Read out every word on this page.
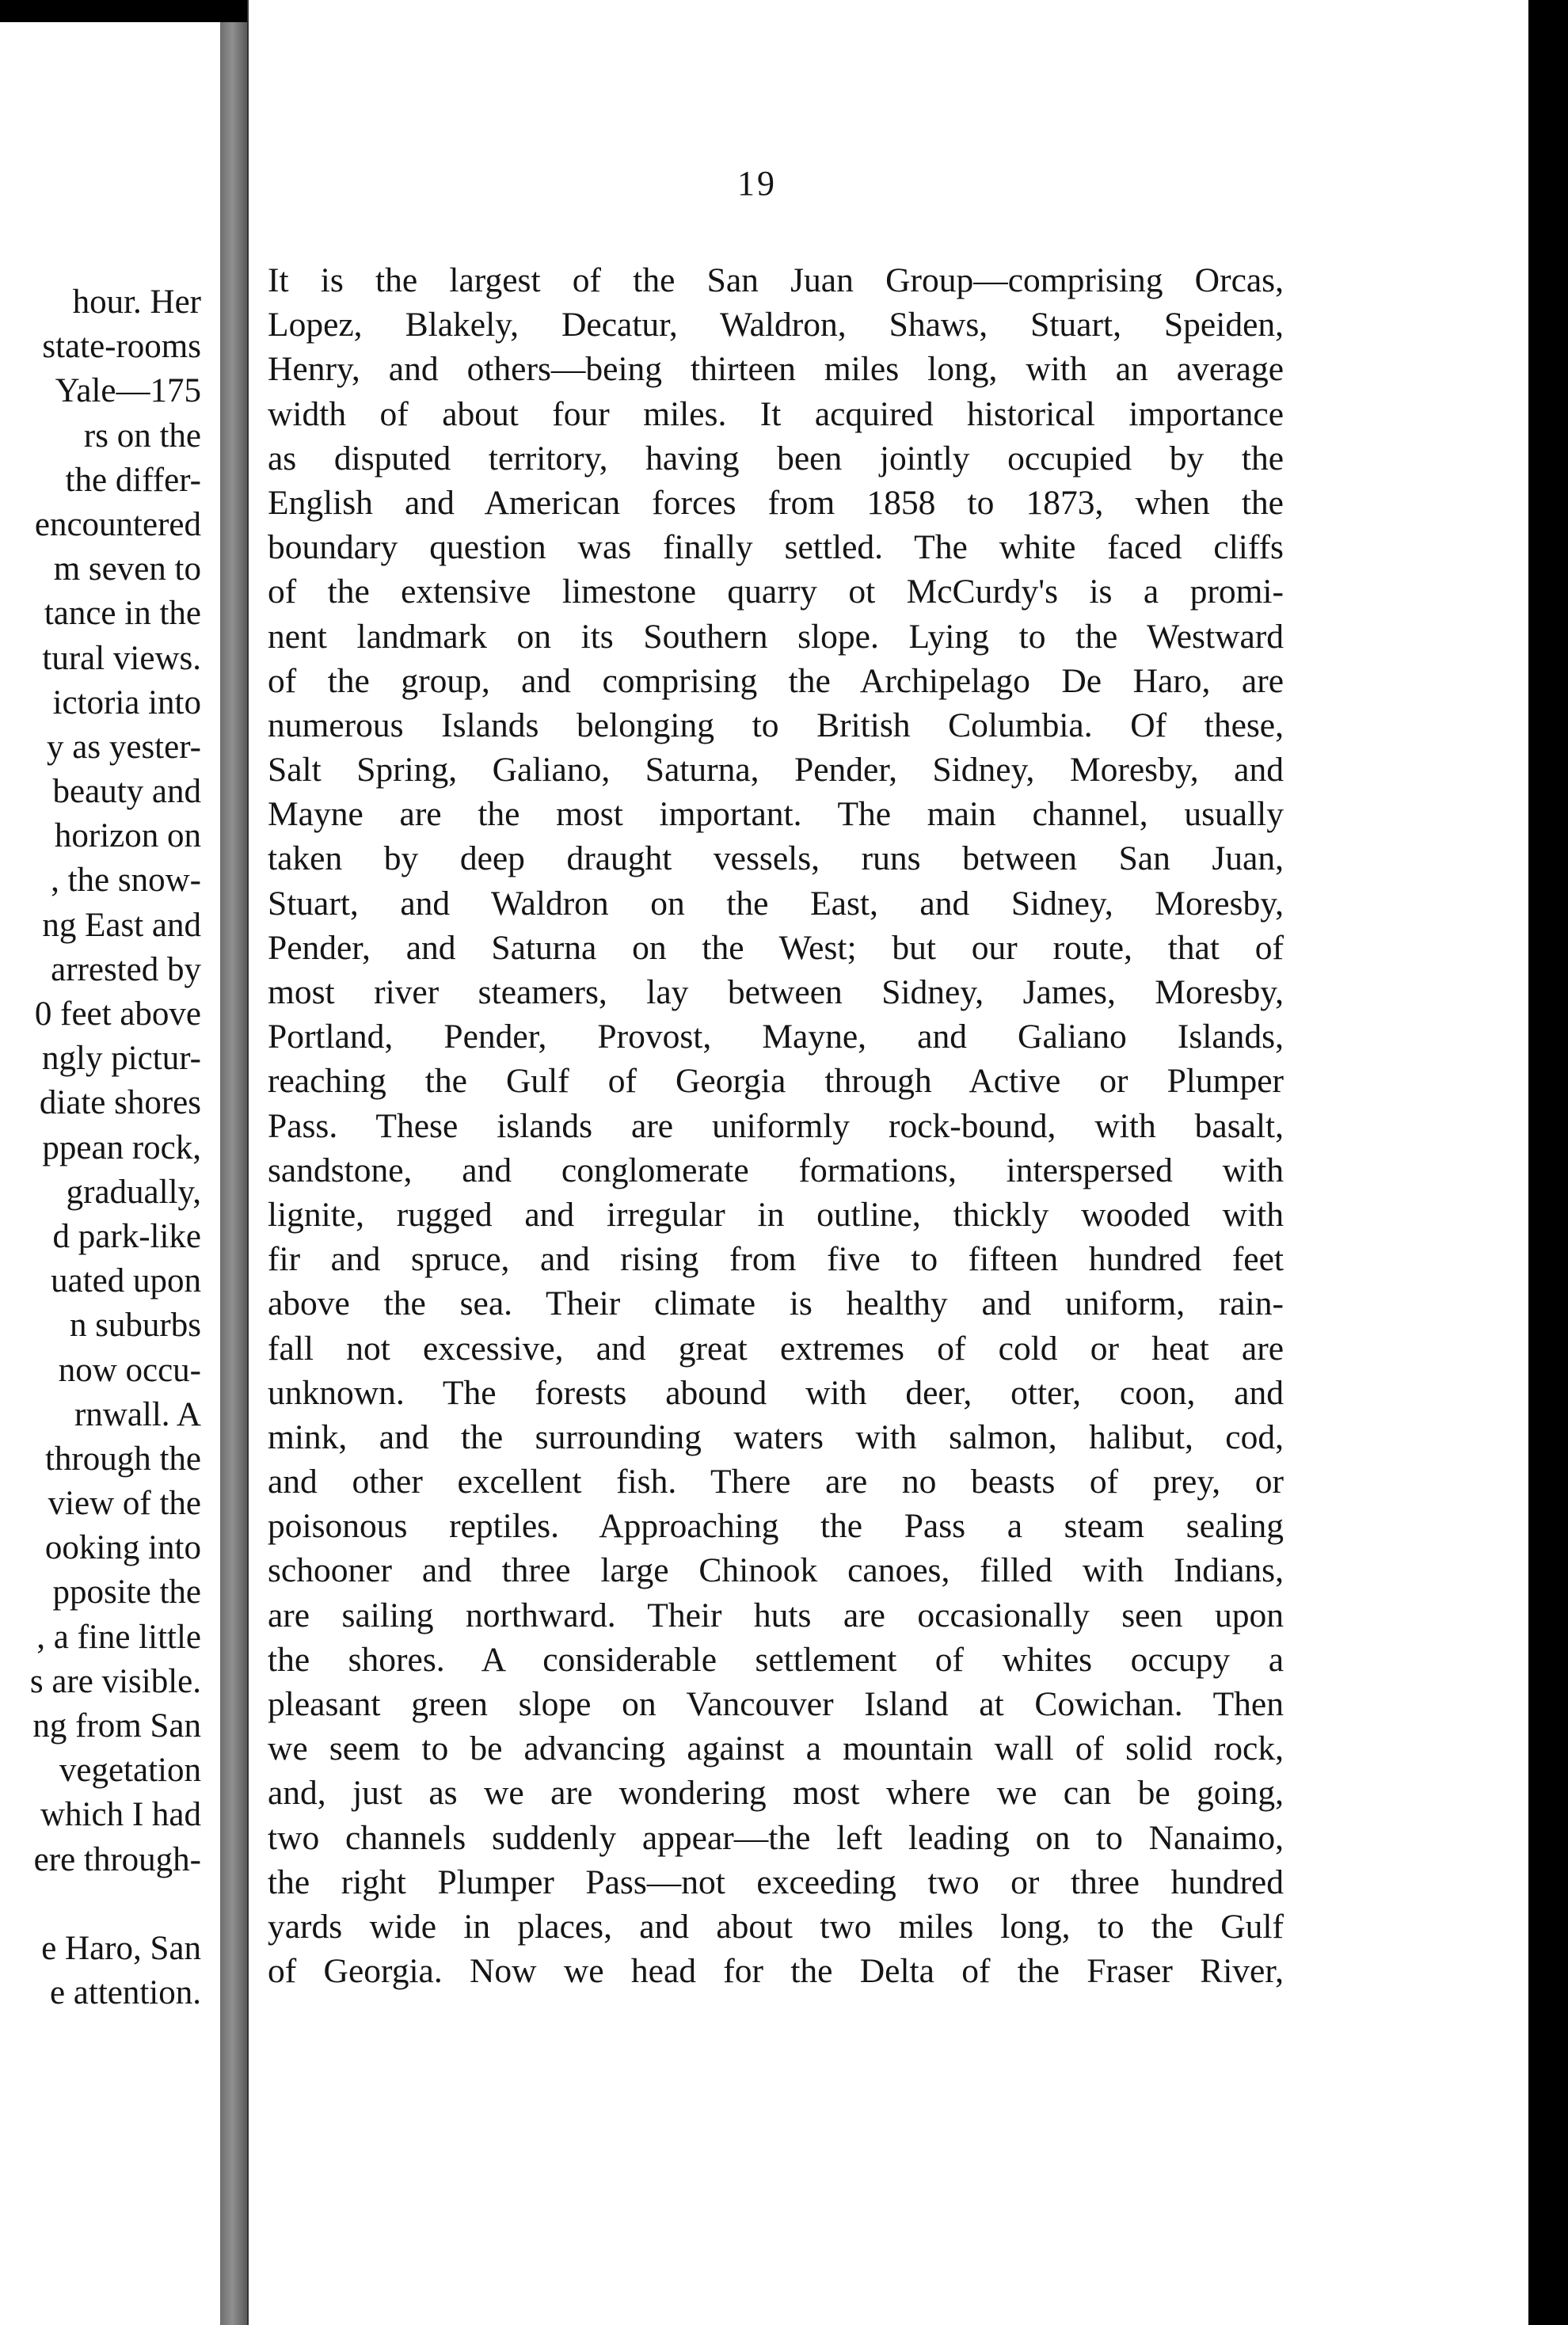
hour. Her
state-rooms
Yale—175
rs on the
the differ-
encountered
m seven to
tance in the
tural views.
ictoria into
y as yester-
beauty and
horizon on
, the snow-
ng East and
arrested by
0 feet above
ngly pictur-
diate shores
ppean rock,
gradually,
d park-like
uated upon
n suburbs
now occu-
rnwall. A
through the
view of the
ooking into
pposite the
, a fine little
s are visible.
ng from San
vegetation
which I had
ere through-
e Haro, San
e attention.
19
It is the largest of the San Juan Group—comprising Orcas,
Lopez, Blakely, Decatur, Waldron, Shaws, Stuart, Speiden,
Henry, and others—being thirteen miles long, with an average
width of about four miles. It acquired historical importance
as disputed territory, having been jointly occupied by the
English and American forces from 1858 to 1873, when the
boundary question was finally settled. The white faced cliffs
of the extensive limestone quarry ot McCurdy's is a promi-
nent landmark on its Southern slope. Lying to the Westward
of the group, and comprising the Archipelago De Haro, are
numerous Islands belonging to British Columbia. Of these,
Salt Spring, Galiano, Saturna, Pender, Sidney, Moresby, and
Mayne are the most important. The main channel, usually
taken by deep draught vessels, runs between San Juan,
Stuart, and Waldron on the East, and Sidney, Moresby,
Pender, and Saturna on the West; but our route, that of
most river steamers, lay between Sidney, James, Moresby,
Portland, Pender, Provost, Mayne, and Galiano Islands,
reaching the Gulf of Georgia through Active or Plumper
Pass. These islands are uniformly rock-bound, with basalt,
sandstone, and conglomerate formations, interspersed with
lignite, rugged and irregular in outline, thickly wooded with
fir and spruce, and rising from five to fifteen hundred feet
above the sea. Their climate is healthy and uniform, rain-
fall not excessive, and great extremes of cold or heat are
unknown. The forests abound with deer, otter, coon, and
mink, and the surrounding waters with salmon, halibut, cod,
and other excellent fish. There are no beasts of prey, or
poisonous reptiles. Approaching the Pass a steam sealing
schooner and three large Chinook canoes, filled with Indians,
are sailing northward. Their huts are occasionally seen upon
the shores. A considerable settlement of whites occupy a
pleasant green slope on Vancouver Island at Cowichan. Then
we seem to be advancing against a mountain wall of solid rock,
and, just as we are wondering most where we can be going,
two channels suddenly appear—the left leading on to Nanaimo,
the right Plumper Pass—not exceeding two or three hundred
yards wide in places, and about two miles long, to the Gulf
of Georgia. Now we head for the Delta of the Fraser River,
